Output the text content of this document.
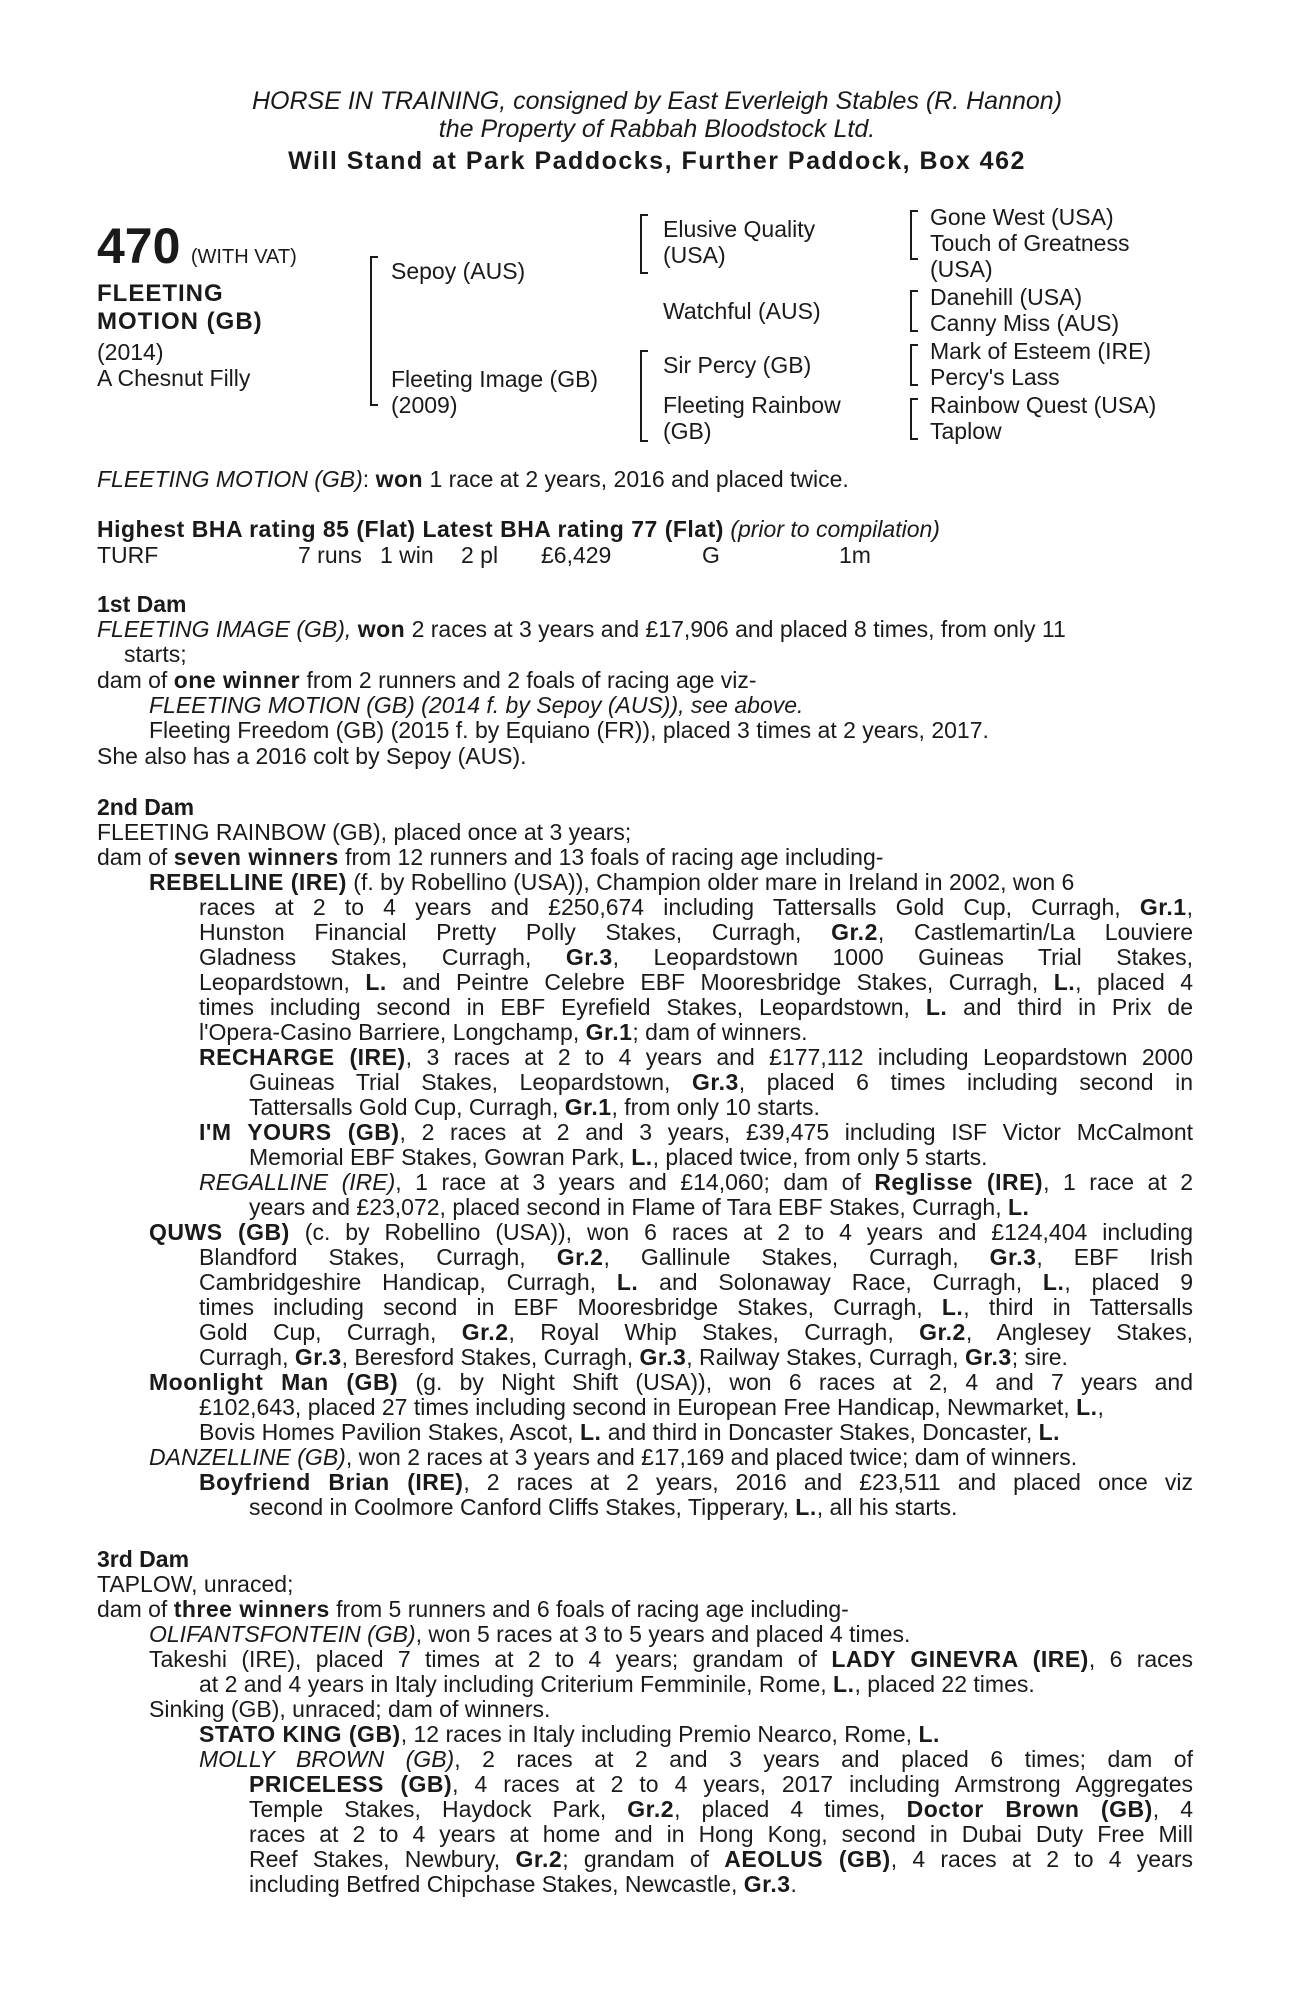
HORSE IN TRAINING, consigned by East Everleigh Stables (R. Hannon)
the Property of Rabbah Bloodstock Ltd.
Will Stand at Park Paddocks, Further Paddock, Box 462
470 (WITH VAT)
FLEETING MOTION (GB)
(2014)
A Chesnut Filly
Sepoy (AUS)
Fleeting Image (GB)
(2009)
Elusive Quality (USA)
Watchful (AUS)
Sir Percy (GB)
Fleeting Rainbow (GB)
Gone West (USA)
Touch of Greatness (USA)
Danehill (USA)
Canny Miss (AUS)
Mark of Esteem (IRE)
Percy's Lass
Rainbow Quest (USA)
Taplow
FLEETING MOTION (GB): won 1 race at 2 years, 2016 and placed twice.
Highest BHA rating 85 (Flat) Latest BHA rating 77 (Flat) (prior to compilation)
TURF	7 runs 1 win 2 pl £6,429	G	1m
1st Dam
FLEETING IMAGE (GB), won 2 races at 3 years and £17,906 and placed 8 times, from only 11
starts;
dam of one winner from 2 runners and 2 foals of racing age viz-
FLEETING MOTION (GB) (2014 f. by Sepoy (AUS)), see above.
Fleeting Freedom (GB) (2015 f. by Equiano (FR)), placed 3 times at 2 years, 2017.
She also has a 2016 colt by Sepoy (AUS).
2nd Dam
FLEETING RAINBOW (GB), placed once at 3 years;
dam of seven winners from 12 runners and 13 foals of racing age including-
REBELLINE (IRE) (f. by Robellino (USA)), Champion older mare in Ireland in 2002, won 6
races at 2 to 4 years and £250,674 including Tattersalls Gold Cup, Curragh, Gr.1,
Hunston Financial Pretty Polly Stakes, Curragh, Gr.2, Castlemartin/La Louviere
Gladness Stakes, Curragh, Gr.3, Leopardstown 1000 Guineas Trial Stakes,
Leopardstown, L. and Peintre Celebre EBF Mooresbridge Stakes, Curragh, L., placed 4
times including second in EBF Eyrefield Stakes, Leopardstown, L. and third in Prix de
l'Opera-Casino Barriere, Longchamp, Gr.1; dam of winners.
RECHARGE (IRE), 3 races at 2 to 4 years and £177,112 including Leopardstown 2000
Guineas Trial Stakes, Leopardstown, Gr.3, placed 6 times including second in
Tattersalls Gold Cup, Curragh, Gr.1, from only 10 starts.
I'M YOURS (GB), 2 races at 2 and 3 years, £39,475 including ISF Victor McCalmont
Memorial EBF Stakes, Gowran Park, L., placed twice, from only 5 starts.
REGALLINE (IRE), 1 race at 3 years and £14,060; dam of Reglisse (IRE), 1 race at 2
years and £23,072, placed second in Flame of Tara EBF Stakes, Curragh, L.
QUWS (GB) (c. by Robellino (USA)), won 6 races at 2 to 4 years and £124,404 including
Blandford Stakes, Curragh, Gr.2, Gallinule Stakes, Curragh, Gr.3, EBF Irish
Cambridgeshire Handicap, Curragh, L. and Solonaway Race, Curragh, L., placed 9
times including second in EBF Mooresbridge Stakes, Curragh, L., third in Tattersalls
Gold Cup, Curragh, Gr.2, Royal Whip Stakes, Curragh, Gr.2, Anglesey Stakes,
Curragh, Gr.3, Beresford Stakes, Curragh, Gr.3, Railway Stakes, Curragh, Gr.3; sire.
Moonlight Man (GB) (g. by Night Shift (USA)), won 6 races at 2, 4 and 7 years and
£102,643, placed 27 times including second in European Free Handicap, Newmarket, L.,
Bovis Homes Pavilion Stakes, Ascot, L. and third in Doncaster Stakes, Doncaster, L.
DANZELLINE (GB), won 2 races at 3 years and £17,169 and placed twice; dam of winners.
Boyfriend Brian (IRE), 2 races at 2 years, 2016 and £23,511 and placed once viz
second in Coolmore Canford Cliffs Stakes, Tipperary, L., all his starts.
3rd Dam
TAPLOW, unraced;
dam of three winners from 5 runners and 6 foals of racing age including-
OLIFANTSFONTEIN (GB), won 5 races at 3 to 5 years and placed 4 times.
Takeshi (IRE), placed 7 times at 2 to 4 years; grandam of LADY GINEVRA (IRE), 6 races
at 2 and 4 years in Italy including Criterium Femminile, Rome, L., placed 22 times.
Sinking (GB), unraced; dam of winners.
STATO KING (GB), 12 races in Italy including Premio Nearco, Rome, L.
MOLLY BROWN (GB), 2 races at 2 and 3 years and placed 6 times; dam of
PRICELESS (GB), 4 races at 2 to 4 years, 2017 including Armstrong Aggregates
Temple Stakes, Haydock Park, Gr.2, placed 4 times, Doctor Brown (GB), 4
races at 2 to 4 years at home and in Hong Kong, second in Dubai Duty Free Mill
Reef Stakes, Newbury, Gr.2; grandam of AEOLUS (GB), 4 races at 2 to 4 years
including Betfred Chipchase Stakes, Newcastle, Gr.3.
